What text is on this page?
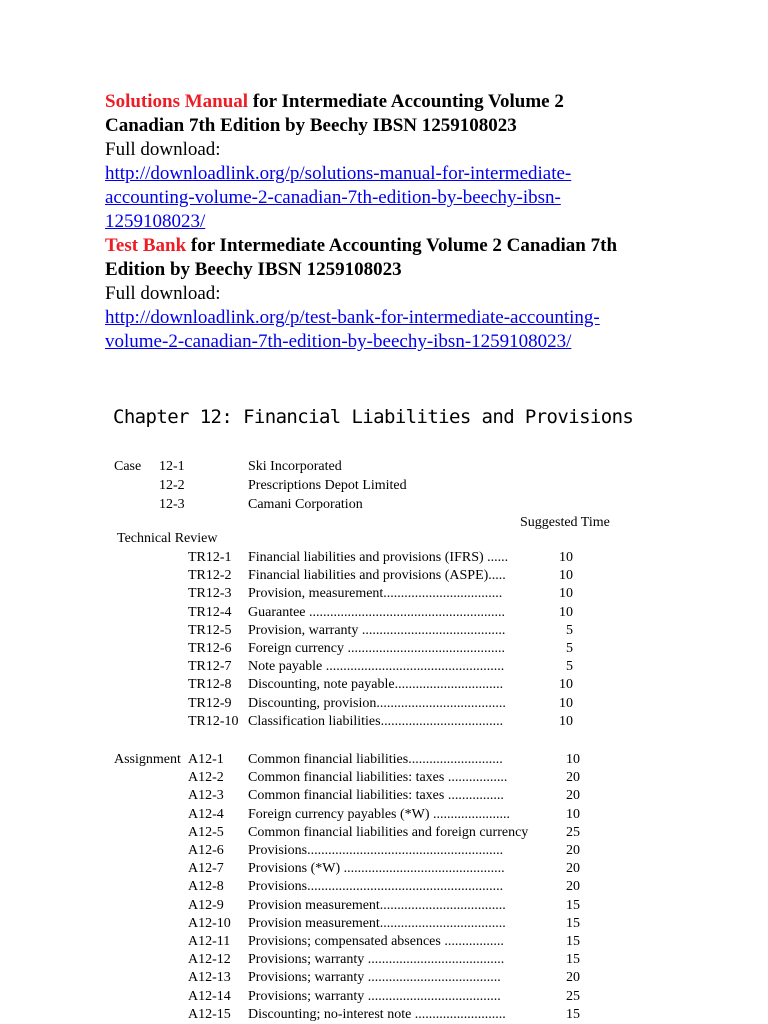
Solutions Manual for Intermediate Accounting Volume 2
Canadian 7th Edition by Beechy IBSN 1259108023
Full download:
http://downloadlink.org/p/solutions-manual-for-intermediate-
accounting-volume-2-canadian-7th-edition-by-beechy-ibsn-
1259108023/
Test Bank for Intermediate Accounting Volume 2 Canadian 7th
Edition by Beechy IBSN 1259108023
Full download:
http://downloadlink.org/p/test-bank-for-intermediate-accounting-
volume-2-canadian-7th-edition-by-beechy-ibsn-1259108023/
Chapter 12: Financial Liabilities and Provisions
Case 12-1	Ski Incorporated
12-2	Prescriptions Depot Limited
12-3	Camani Corporation
Suggested Time
Technical Review
TR12-1 Financial liabilities and provisions (IFRS) ......	10
TR12-2 Financial liabilities and provisions (ASPE).....	10
TR12-3 Provision, measurement..................................	10
TR12-4 Guarantee ........................................................	10
TR12-5 Provision, warranty .........................................	5
TR12-6 Foreign currency .............................................	5
TR12-7 Note payable ...................................................	5
TR12-8 Discounting, note payable...............................	10
TR12-9 Discounting, provision.....................................	10
TR12-10 Classification liabilities...................................	10
Assignment A12-1 Common financial liabilities...........................	10
A12-2 Common financial liabilities: taxes .................	20
A12-3 Common financial liabilities: taxes ................	20
A12-4 Foreign currency payables (*W) ......................	10
A12-5 Common financial liabilities and foreign currency	25
A12-6 Provisions........................................................	20
A12-7 Provisions (*W) ..............................................	20
A12-8 Provisions........................................................	20
A12-9 Provision measurement....................................	15
A12-10 Provision measurement....................................	15
A12-11 Provisions; compensated absences .................	15
A12-12 Provisions; warranty .......................................	15
A12-13 Provisions; warranty ......................................	20
A12-14 Provisions; warranty ......................................	25
A12-15 Discounting; no-interest note ..........................	15
